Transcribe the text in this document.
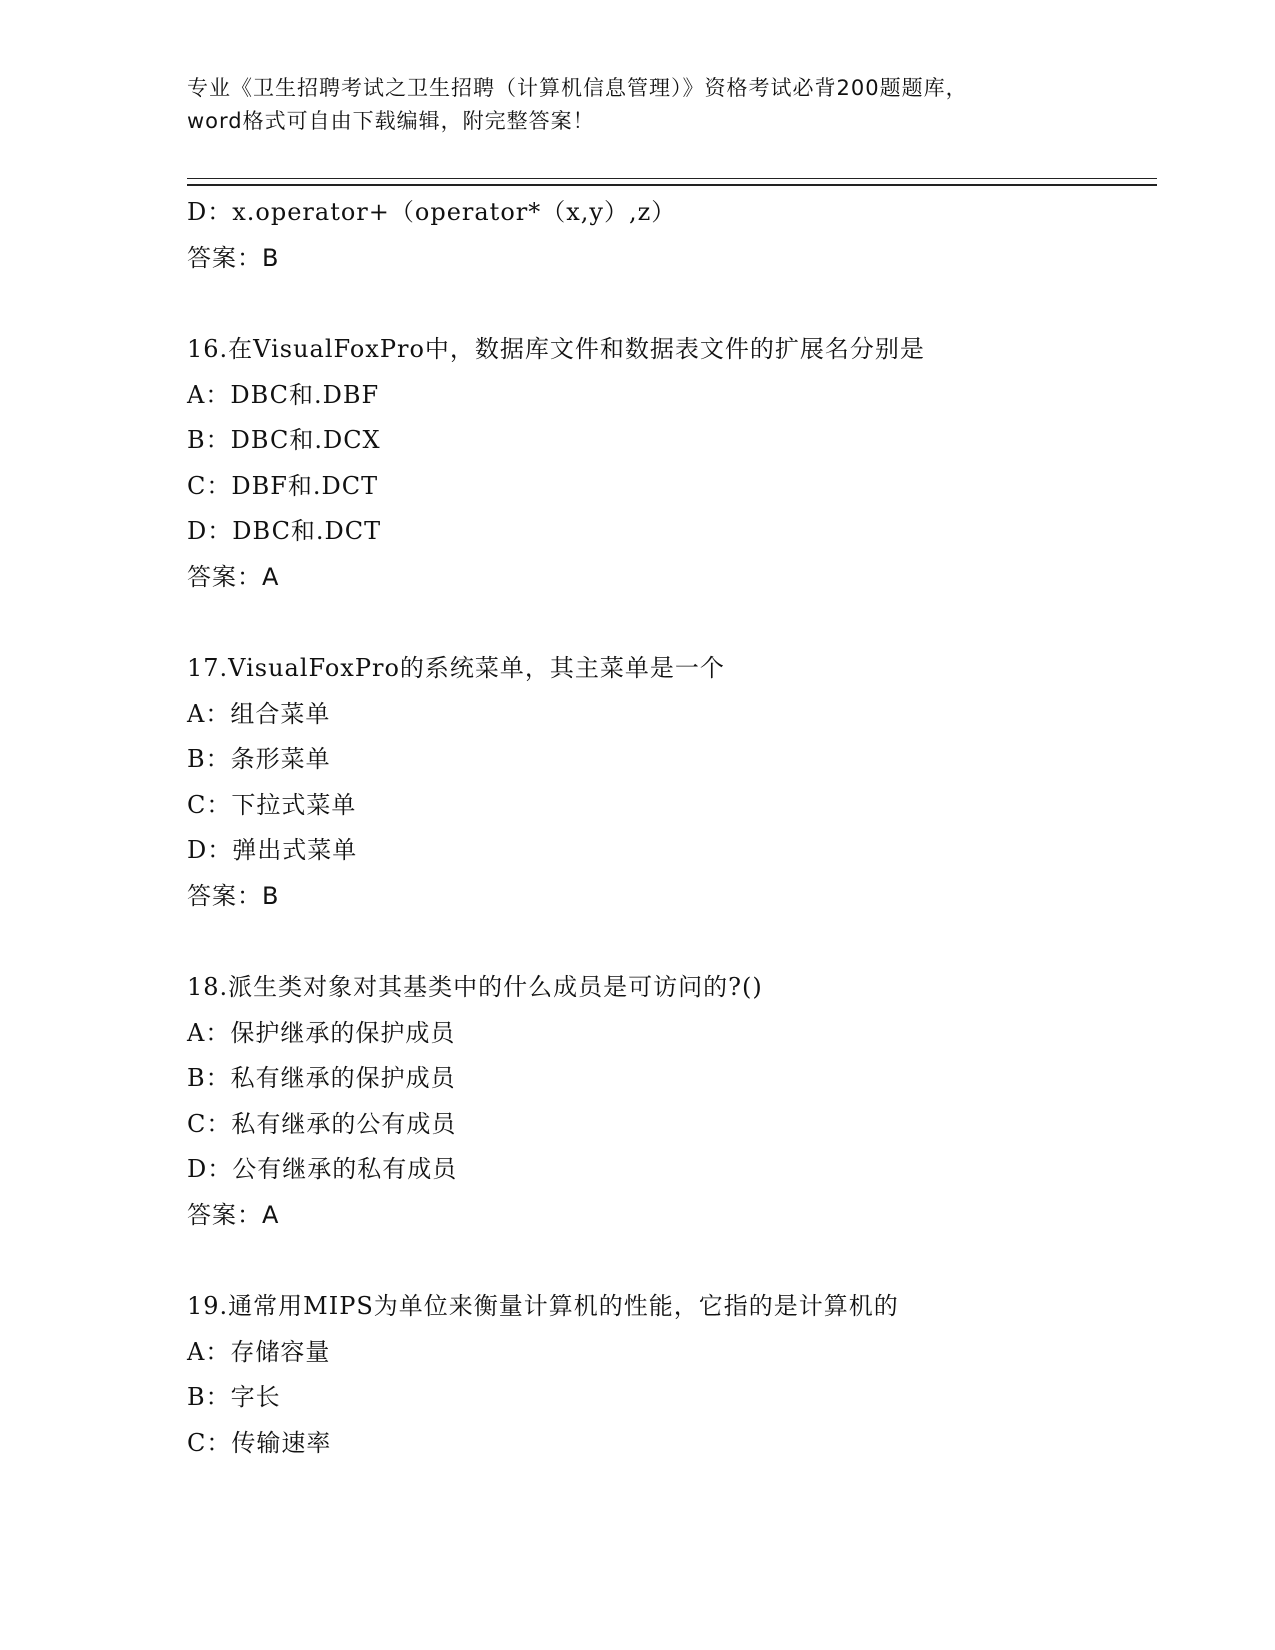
专业《卫生招聘考试之卫生招聘（计算机信息管理）》资格考试必背200题题库，
word格式可自由下载编辑，附完整答案！
D：x.operator+（operator*（x,y）,z）
答案：B
16.在VisualFoxPro中，数据库文件和数据表文件的扩展名分别是
A：DBC和.DBF
B：DBC和.DCX
C：DBF和.DCT
D：DBC和.DCT
答案：A
17.VisualFoxPro的系统菜单，其主菜单是一个
A：组合菜单
B：条形菜单
C：下拉式菜单
D：弹出式菜单
答案：B
18.派生类对象对其基类中的什么成员是可访问的?()
A：保护继承的保护成员
B：私有继承的保护成员
C：私有继承的公有成员
D：公有继承的私有成员
答案：A
19.通常用MIPS为单位来衡量计算机的性能，它指的是计算机的
A：存储容量
B：字长
C：传输速率
